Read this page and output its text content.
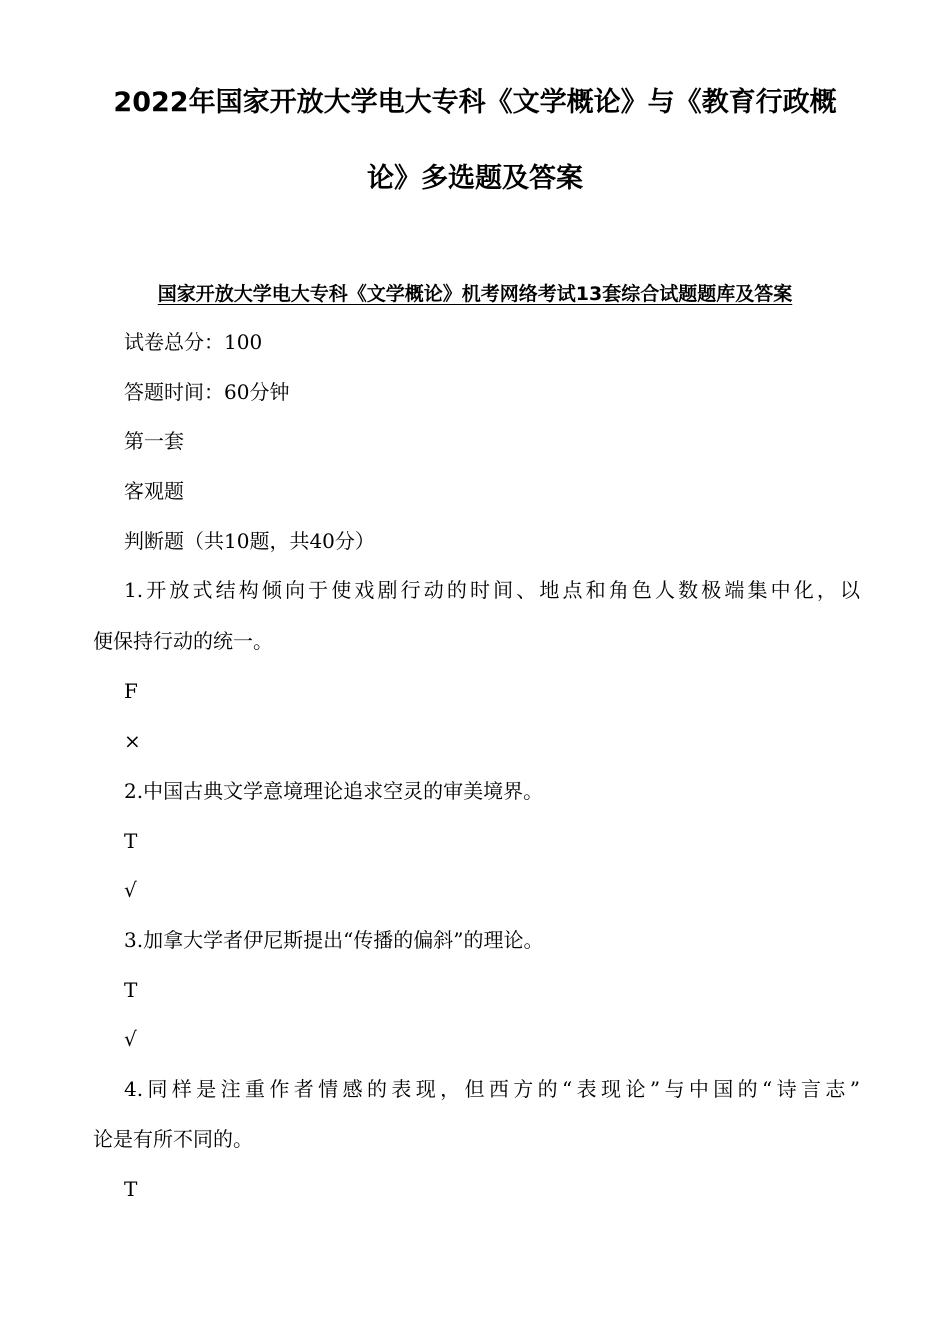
2022年国家开放大学电大专科《文学概论》与《教育行政概
论》多选题及答案
国家开放大学电大专科《文学概论》机考网络考试13套综合试题题库及答案
试卷总分：100
答题时间：60分钟
第一套
客观题
判断题（共10题，共40分）
1.开放式结构倾向于使戏剧行动的时间、地点和角色人数极端集中化，以
便保持行动的统一。
F
×
2.中国古典文学意境理论追求空灵的审美境界。
T
√
3.加拿大学者伊尼斯提出“传播的偏斜”的理论。
T
√
4.同样是注重作者情感的表现，但西方的“表现论”与中国的“诗言志”
论是有所不同的。
T
